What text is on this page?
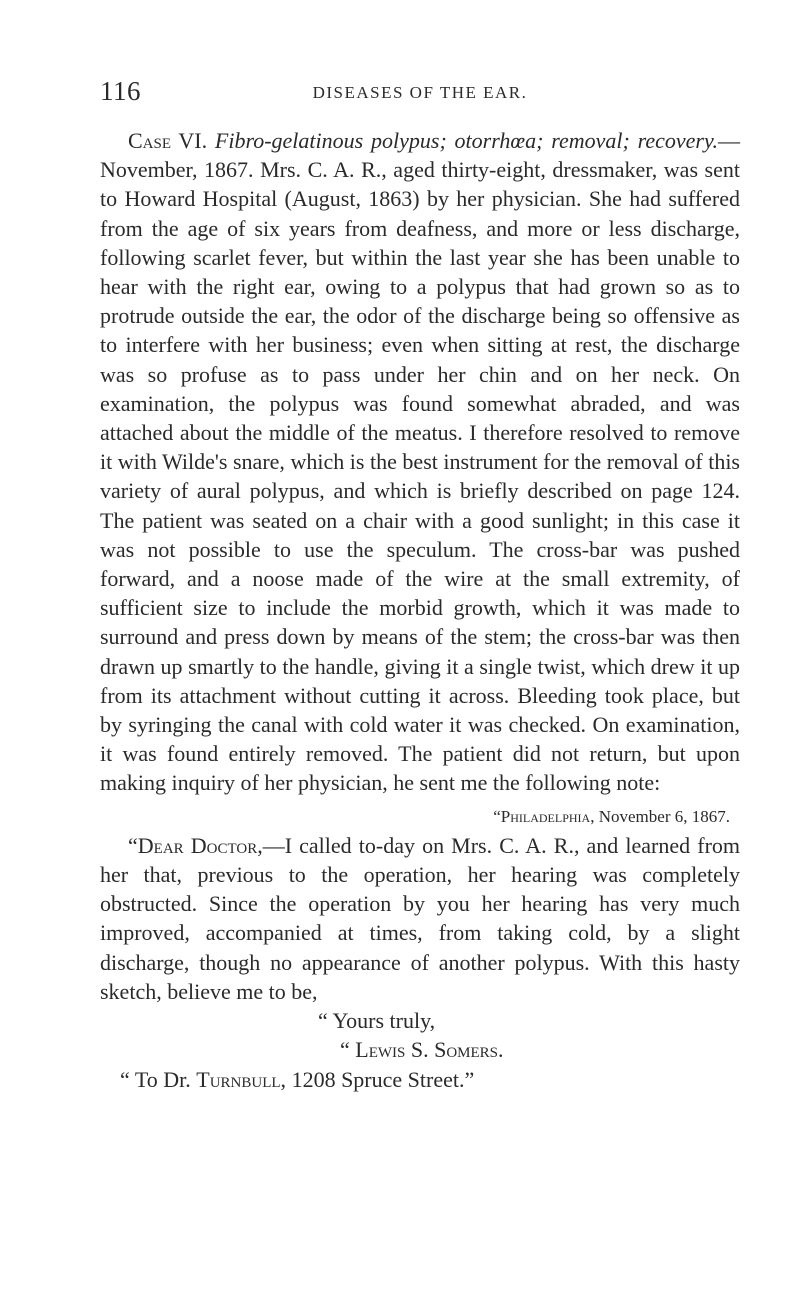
116	DISEASES OF THE EAR.

Case VI. Fibro-gelatinous polypus; otorrhœa; removal; recovery.—November, 1867. Mrs. C. A. R., aged thirty-eight, dressmaker, was sent to Howard Hospital (August, 1863) by her physician. She had suffered from the age of six years from deafness, and more or less discharge, following scarlet fever, but within the last year she has been unable to hear with the right ear, owing to a polypus that had grown so as to protrude outside the ear, the odor of the discharge being so offensive as to interfere with her business; even when sitting at rest, the discharge was so profuse as to pass under her chin and on her neck. On examination, the polypus was found somewhat abraded, and was attached about the middle of the meatus. I therefore resolved to remove it with Wilde's snare, which is the best instrument for the removal of this variety of aural polypus, and which is briefly described on page 124. The patient was seated on a chair with a good sunlight; in this case it was not possible to use the speculum. The cross-bar was pushed forward, and a noose made of the wire at the small extremity, of sufficient size to include the morbid growth, which it was made to surround and press down by means of the stem; the cross-bar was then drawn up smartly to the handle, giving it a single twist, which drew it up from its attachment without cutting it across. Bleeding took place, but by syringing the canal with cold water it was checked. On examination, it was found entirely removed. The patient did not return, but upon making inquiry of her physician, he sent me the following note:

“Philadelphia, November 6, 1867.

“Dear Doctor,—I called to-day on Mrs. C. A. R., and learned from her that, previous to the operation, her hearing was completely obstructed. Since the operation by you her hearing has very much improved, accompanied at times, from taking cold, by a slight discharge, though no appearance of another polypus. With this hasty sketch, believe me to be,

“ Yours truly,

“ Lewis S. Somers.

“ To Dr. Turnbull, 1208 Spruce Street.”
